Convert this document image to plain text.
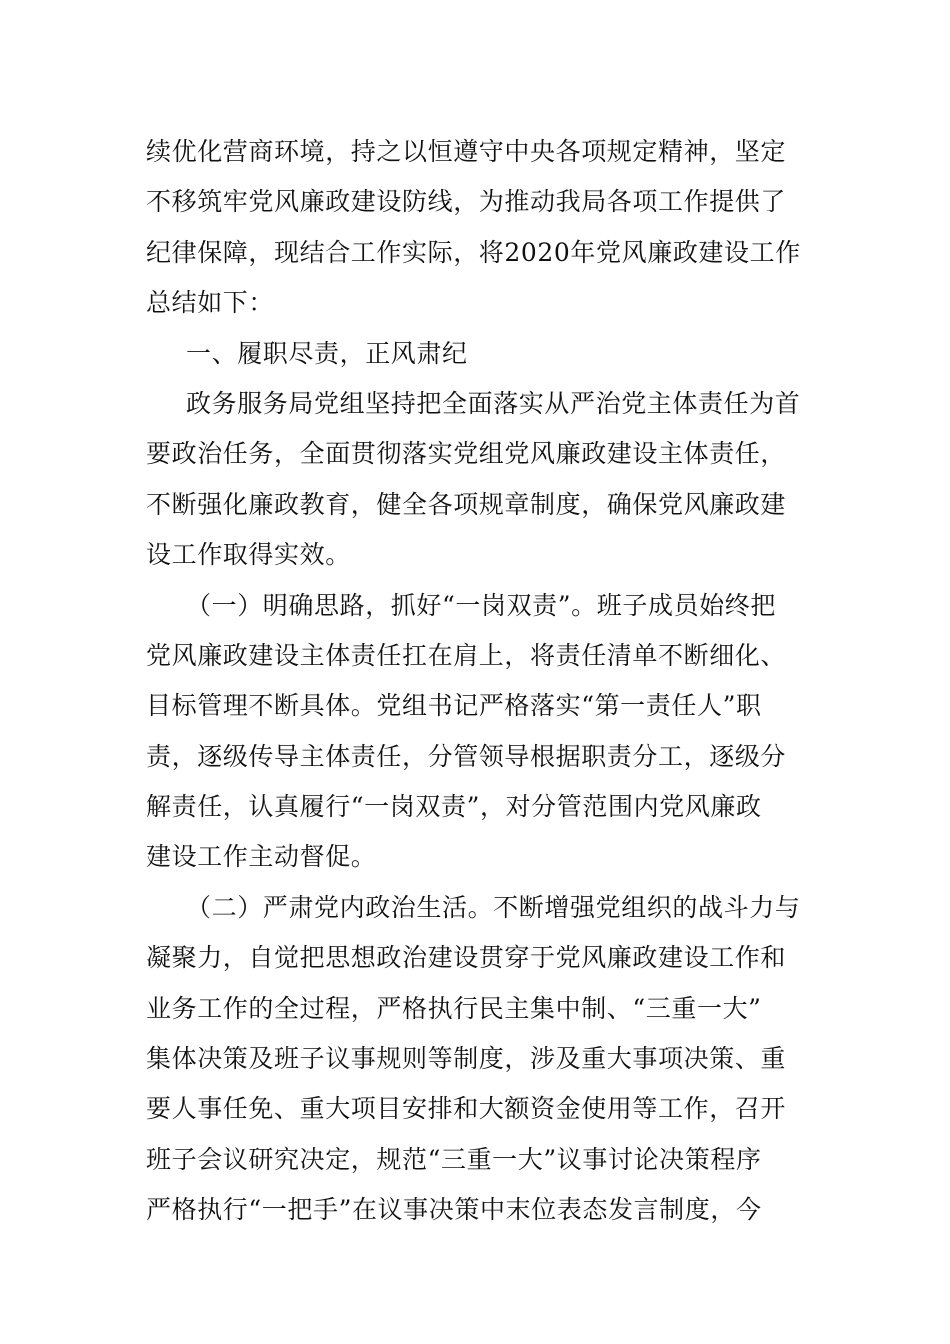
续优化营商环境，持之以恒遵守中央各项规定精神，坚定
不移筑牢党风廉政建设防线，为推动我局各项工作提供了
纪律保障，现结合工作实际，将2020年党风廉政建设工作
总结如下：
一、履职尽责，正风肃纪
政务服务局党组坚持把全面落实从严治党主体责任为首
要政治任务，全面贯彻落实党组党风廉政建设主体责任，
不断强化廉政教育，健全各项规章制度，确保党风廉政建
设工作取得实效。
（一）明确思路，抓好“一岗双责”。班子成员始终把
党风廉政建设主体责任扛在肩上，将责任清单不断细化、
目标管理不断具体。党组书记严格落实“第一责任人”职
责，逐级传导主体责任，分管领导根据职责分工，逐级分
解责任，认真履行“一岗双责”，对分管范围内党风廉政
建设工作主动督促。
（二）严肃党内政治生活。不断增强党组织的战斗力与
凝聚力，自觉把思想政治建设贯穿于党风廉政建设工作和
业务工作的全过程，严格执行民主集中制、“三重一大”
集体决策及班子议事规则等制度，涉及重大事项决策、重
要人事任免、重大项目安排和大额资金使用等工作，召开
班子会议研究决定，规范“三重一大”议事讨论决策程序
严格执行“一把手”在议事决策中末位表态发言制度，今
